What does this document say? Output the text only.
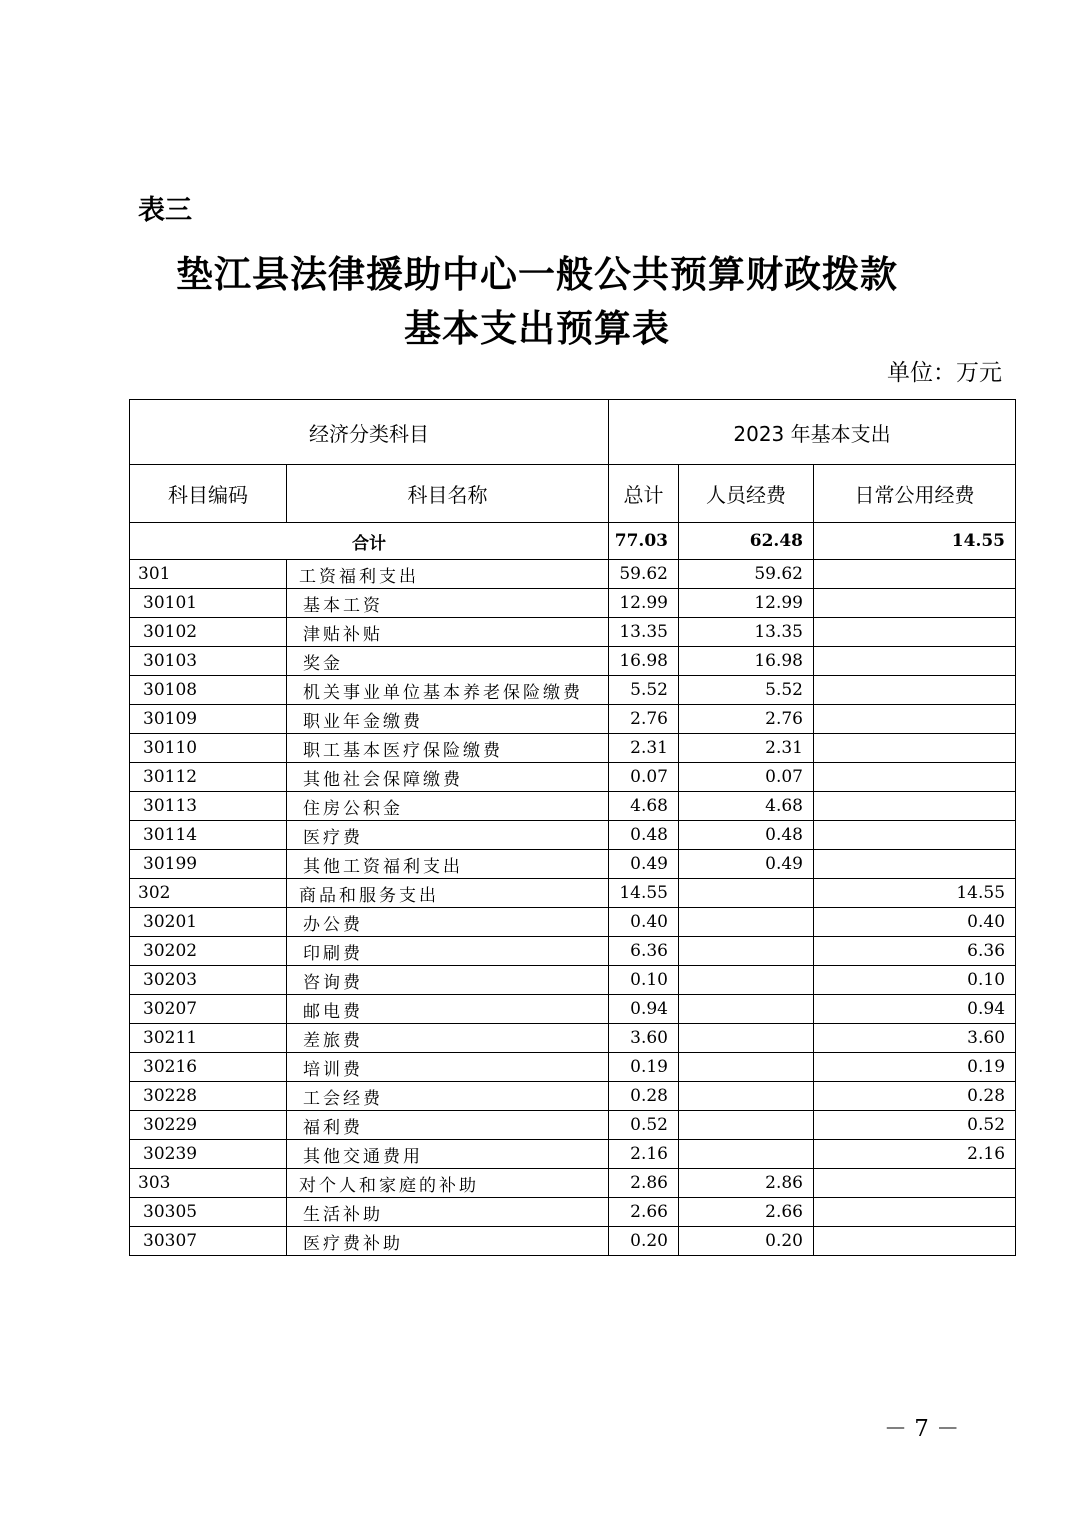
表三
垫江县法律援助中心一般公共预算财政拨款
基本支出预算表
单位：万元
经济分类科目		2023 年基本支出		
科目编码	科目名称	总计	人员经费	日常公用经费
合计		77.03	62.48	14.55
301	工资福利支出	59.62	59.62	
30101	基本工资	12.99	12.99	
30102	津贴补贴	13.35	13.35	
30103	奖金	16.98	16.98	
30108	机关事业单位基本养老保险缴费	5.52	5.52	
30109	职业年金缴费	2.76	2.76	
30110	职工基本医疗保险缴费	2.31	2.31	
30112	其他社会保障缴费	0.07	0.07	
30113	住房公积金	4.68	4.68	
30114	医疗费	0.48	0.48	
30199	其他工资福利支出	0.49	0.49	
302	商品和服务支出	14.55		14.55
30201	办公费	0.40		0.40
30202	印刷费	6.36		6.36
30203	咨询费	0.10		0.10
30207	邮电费	0.94		0.94
30211	差旅费	3.60		3.60
30216	培训费	0.19		0.19
30228	工会经费	0.28		0.28
30229	福利费	0.52		0.52
30239	其他交通费用	2.16		2.16
303	对个人和家庭的补助	2.86	2.86	
30305	生活补助	2.66	2.66	
30307	医疗费补助	0.20	0.20	
－ 7 －
